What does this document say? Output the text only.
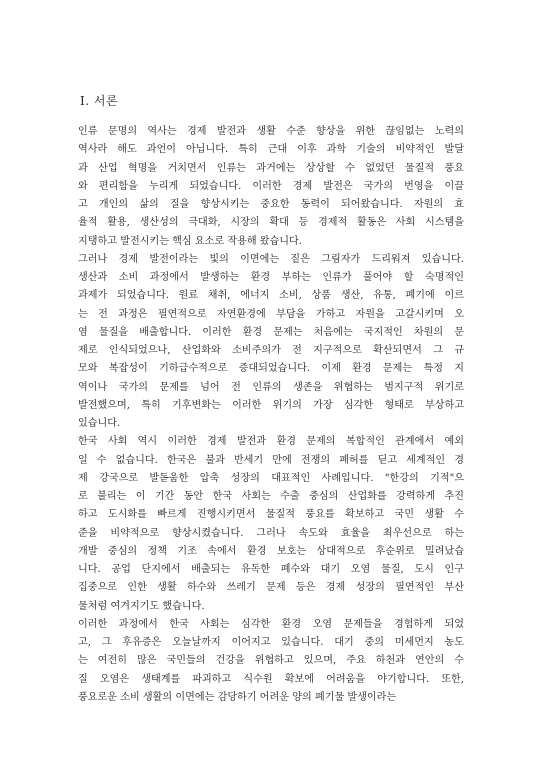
Ⅰ. 서론
인류 문명의 역사는 경제 발전과 생활 수준 향상을 위한 끊임없는 노력의
역사라 해도 과언이 아닙니다. 특히 근대 이후 과학 기술의 비약적인 발달
과 산업 혁명을 거치면서 인류는 과거에는 상상할 수 없었던 물질적 풍요
와 편리함을 누리게 되었습니다. 이러한 경제 발전은 국가의 번영을 이끌
고 개인의 삶의 질을 향상시키는 중요한 동력이 되어왔습니다. 자원의 효
율적 활용, 생산성의 극대화, 시장의 확대 등 경제적 활동은 사회 시스템을
지탱하고 발전시키는 핵심 요소로 작용해 왔습니다.
그러나 경제 발전이라는 빛의 이면에는 짙은 그림자가 드리워져 있습니다.
생산과 소비 과정에서 발생하는 환경 부하는 인류가 풀어야 할 숙명적인
과제가 되었습니다. 원료 채취, 에너지 소비, 상품 생산, 유통, 폐기에 이르
는 전 과정은 필연적으로 자연환경에 부담을 가하고 자원을 고갈시키며 오
염 물질을 배출합니다. 이러한 환경 문제는 처음에는 국지적인 차원의 문
제로 인식되었으나, 산업화와 소비주의가 전 지구적으로 확산되면서 그 규
모와 복잡성이 기하급수적으로 증대되었습니다. 이제 환경 문제는 특정 지
역이나 국가의 문제를 넘어 전 인류의 생존을 위협하는 범지구적 위기로
발전했으며, 특히 기후변화는 이러한 위기의 가장 심각한 형태로 부상하고
있습니다.
한국 사회 역시 이러한 경제 발전과 환경 문제의 복합적인 관계에서 예외
일 수 없습니다. 한국은 불과 반세기 만에 전쟁의 폐허를 딛고 세계적인 경
제 강국으로 발돋움한 압축 성장의 대표적인 사례입니다. "한강의 기적"으
로 불리는 이 기간 동안 한국 사회는 수출 중심의 산업화를 강력하게 추진
하고 도시화를 빠르게 진행시키면서 물질적 풍요를 확보하고 국민 생활 수
준을 비약적으로 향상시켰습니다. 그러나 속도와 효율을 최우선으로 하는
개발 중심의 정책 기조 속에서 환경 보호는 상대적으로 후순위로 밀려났습
니다. 공업 단지에서 배출되는 유독한 폐수와 대기 오염 물질, 도시 인구
집중으로 인한 생활 하수와 쓰레기 문제 등은 경제 성장의 필연적인 부산
물처럼 여겨지기도 했습니다.
이러한 과정에서 한국 사회는 심각한 환경 오염 문제들을 경험하게 되었
고, 그 후유증은 오늘날까지 이어지고 있습니다. 대기 중의 미세먼지 농도
는 여전히 많은 국민들의 건강을 위협하고 있으며, 주요 하천과 연안의 수
질 오염은 생태계를 파괴하고 식수원 확보에 어려움을 야기합니다. 또한,
풍요로운 소비 생활의 이면에는 감당하기 어려운 양의 폐기물 발생이라는
